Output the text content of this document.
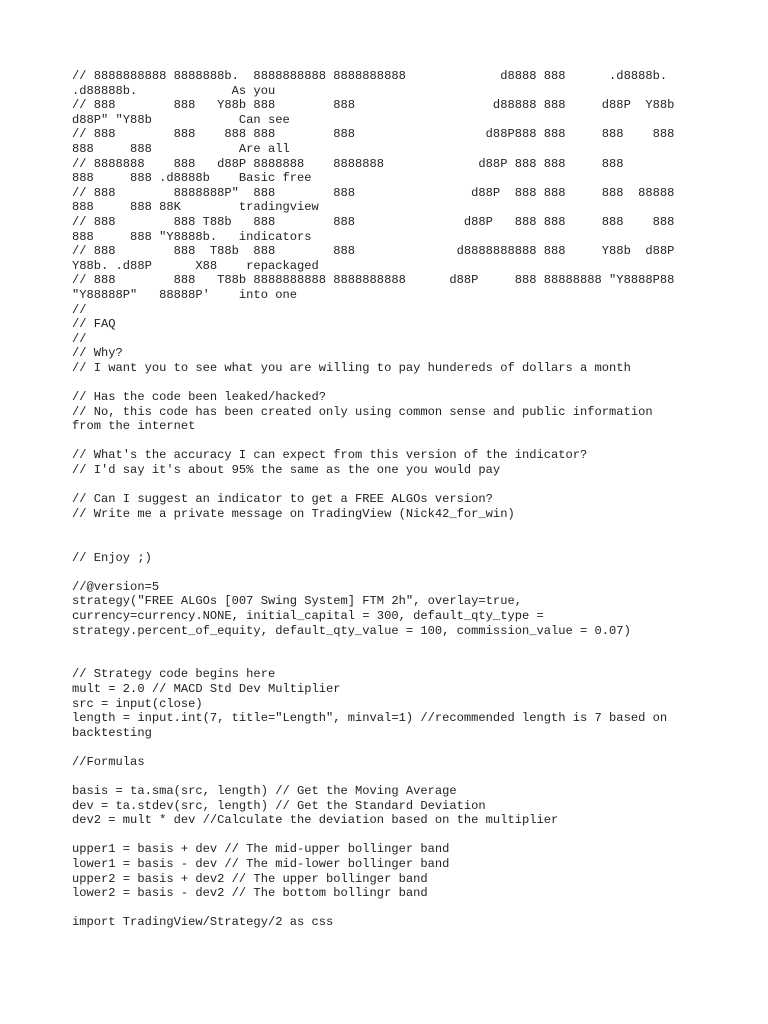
// 8888888888 8888888b.  8888888888 8888888888             d8888 888      .d8888b.
.d88888b.             As you
// 888        888   Y88b 888        888                   d88888 888     d88P  Y88b
d88P" "Y88b            Can see
// 888        888    888 888        888                  d88P888 888     888    888
888     888            Are all
// 8888888    888   d88P 8888888    8888888             d88P 888 888     888
888     888 .d8888b    Basic free
// 888        8888888P"  888        888                d88P  888 888     888  88888
888     888 88K        tradingview
// 888        888 T88b   888        888               d88P   888 888     888    888
888     888 "Y8888b.   indicators
// 888        888  T88b  888        888              d8888888888 888     Y88b  d88P
Y88b. .d88P      X88    repackaged
// 888        888   T88b 8888888888 8888888888      d88P     888 88888888 "Y8888P88
"Y88888P"   88888P'    into one
//
// FAQ
//
// Why?
// I want you to see what you are willing to pay hundereds of dollars a month
// Has the code been leaked/hacked?
// No, this code has been created only using common sense and public information
from the internet
// What's the accuracy I can expect from this version of the indicator?
// I'd say it's about 95% the same as the one you would pay
// Can I suggest an indicator to get a FREE ALGOs version?
// Write me a private message on TradingView (Nick42_for_win)
// Enjoy ;)
//@version=5
strategy("FREE ALGOs [007 Swing System] FTM 2h", overlay=true,
currency=currency.NONE, initial_capital = 300, default_qty_type =
strategy.percent_of_equity, default_qty_value = 100, commission_value = 0.07)
// Strategy code begins here
mult = 2.0 // MACD Std Dev Multiplier
src = input(close)
length = input.int(7, title="Length", minval=1) //recommended length is 7 based on
backtesting
//Formulas
basis = ta.sma(src, length) // Get the Moving Average
dev = ta.stdev(src, length) // Get the Standard Deviation
dev2 = mult * dev //Calculate the deviation based on the multiplier
upper1 = basis + dev // The mid-upper bollinger band
lower1 = basis - dev // The mid-lower bollinger band
upper2 = basis + dev2 // The upper bollinger band
lower2 = basis - dev2 // The bottom bollingr band
import TradingView/Strategy/2 as css
